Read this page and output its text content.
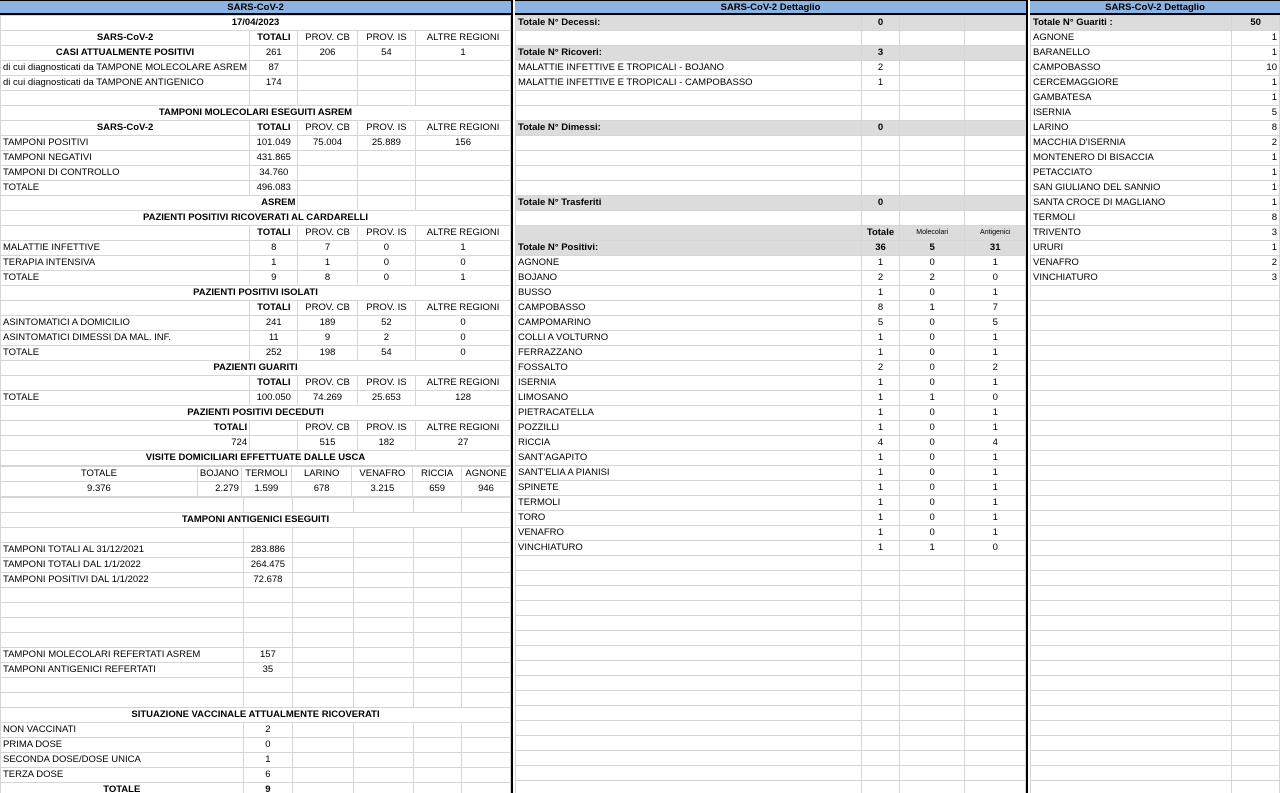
SARS-CoV-2
17/04/2023				
SARS-CoV-2	TOTALI	PROV. CB	PROV. IS	ALTRE REGIONI
CASI ATTUALMENTE POSITIVI	261	206	54	1
di cui diagnosticati da TAMPONE MOLECOLARE ASREM	87			
di cui diagnosticati da TAMPONE ANTIGENICO	174			

TAMPONI MOLECOLARI ESEGUITI ASREM				
SARS-CoV-2	TOTALI	PROV. CB	PROV. IS	ALTRE REGIONI
TAMPONI POSITIVI	101.049	75.004	25.889	156
TAMPONI NEGATIVI	431.865			
TAMPONI DI CONTROLLO	34.760			
TOTALE	496.083			
ASREM				
PAZIENTI POSITIVI RICOVERATI AL CARDARELLI				
	TOTALI	PROV. CB	PROV. IS	ALTRE REGIONI
MALATTIE INFETTIVE	8	7	0	1
TERAPIA INTENSIVA	1	1	0	0
TOTALE	9	8	0	1
PAZIENTI POSITIVI ISOLATI				
	TOTALI	PROV. CB	PROV. IS	ALTRE REGIONI
ASINTOMATICI A DOMICILIO	241	189	52	0
ASINTOMATICI DIMESSI DA MAL. INF.	11	9	2	0
TOTALE	252	198	54	0
PAZIENTI GUARITI				
	TOTALI	PROV. CB	PROV. IS	ALTRE REGIONI
TOTALE	100.050	74.269	25.653	128
PAZIENTI POSITIVI DECEDUTI				
TOTALI		PROV. CB	PROV. IS	ALTRE REGIONI
724		515	182	27
VISITE DOMICILIARI EFFETTUATE DALLE USCA				
TOTALE	BOJANO	TERMOLI	LARINO	VENAFRO	RICCIA	AGNONE
9.376	2.279	1.599	678	3.215	659	946

TAMPONI ANTIGENICI ESEGUITI					

TAMPONI TOTALI AL 31/12/2021	283.886				
TAMPONI TOTALI DAL 1/1/2022	264.475				
TAMPONI POSITIVI DAL 1/1/2022	72.678				

TAMPONI MOLECOLARI REFERTATI ASREM	157				
TAMPONI ANTIGENICI REFERTATI	35				

SITUAZIONE VACCINALE ATTUALMENTE RICOVERATI					
NON VACCINATI	2				
PRIMA DOSE	0				
SECONDA DOSE/DOSE UNICA	1				
TERZA DOSE	6				
TOTALE	9				

SARS-CoV-2 Dettaglio
Totale N° Decessi:	0		

Totale N° Ricoveri:	3		
MALATTIE INFETTIVE E TROPICALI - BOJANO	2		
MALATTIE INFETTIVE E TROPICALI - CAMPOBASSO	1		

Totale N° Dimessi:	0		

Totale N° Trasferiti	0		

	Totale	Molecolari	Antigenici
Totale N° Positivi:	36	5	31
AGNONE	1	0	1
BOJANO	2	2	0
BUSSO	1	0	1
CAMPOBASSO	8	1	7
CAMPOMARINO	5	0	5
COLLI A VOLTURNO	1	0	1
FERRAZZANO	1	0	1
FOSSALTO	2	0	2
ISERNIA	1	0	1
LIMOSANO	1	1	0
PIETRACATELLA	1	0	1
POZZILLI	1	0	1
RICCIA	4	0	4
SANT'AGAPITO	1	0	1
SANT'ELIA A PIANISI	1	0	1
SPINETE	1	0	1
TERMOLI	1	0	1
TORO	1	0	1
VENAFRO	1	0	1
VINCHIATURO	1	1	0

SARS-CoV-2 Dettaglio
Totale N° Guariti :	50
AGNONE	1
BARANELLO	1
CAMPOBASSO	10
CERCEMAGGIORE	1
GAMBATESA	1
ISERNIA	5
LARINO	8
MACCHIA D'ISERNIA	2
MONTENERO DI BISACCIA	1
PETACCIATO	1
SAN GIULIANO DEL SANNIO	1
SANTA CROCE DI MAGLIANO	1
TERMOLI	8
TRIVENTO	3
URURI	1
VENAFRO	2
VINCHIATURO	3
